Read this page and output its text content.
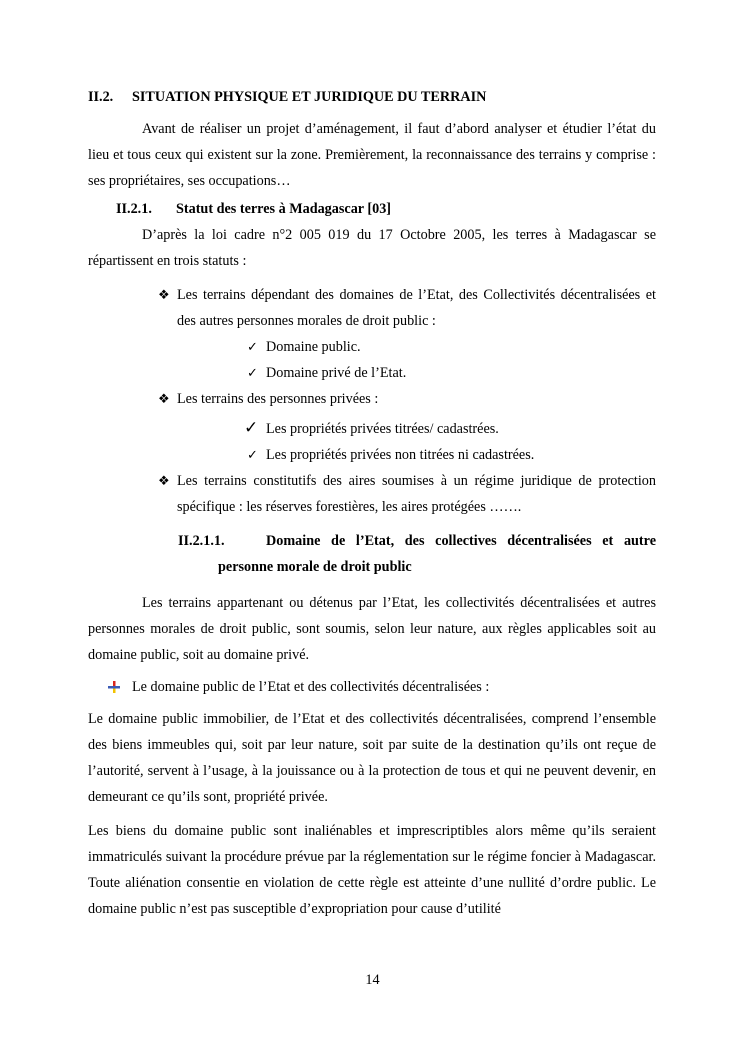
II.2. SITUATION PHYSIQUE ET JURIDIQUE DU TERRAIN

Avant de réaliser un projet d’aménagement, il faut d’abord analyser et étudier l’état du lieu et tous ceux qui existent sur la zone. Premièrement, la reconnaissance des terrains y comprise : ses propriétaires, ses occupations…

II.2.1. Statut des terres à Madagascar [03]

D’après la loi cadre n°2 005 019 du 17 Octobre 2005, les terres à Madagascar se répartissent en trois statuts :

❖ Les terrains dépendant des domaines de l’Etat, des Collectivités décentralisées et des autres personnes morales de droit public :
✓ Domaine public.
✓ Domaine privé de l’Etat.
❖ Les terrains des personnes privées :
✓ Les propriétés privées titrées/ cadastrées.
✓ Les propriétés privées non titrées ni cadastrées.
❖ Les terrains constitutifs des aires soumises à un régime juridique de protection spécifique : les réserves forestières, les aires protégées …….
II.2.1.1.	Domaine de l’Etat, des collectives décentralisées et autre
personne morale de droit public

Les terrains appartenant ou détenus par l’Etat, les collectivités décentralisées et autres personnes morales de droit public, sont soumis, selon leur nature, aux règles applicables soit au domaine public, soit au domaine privé.

Le domaine public de l’Etat et des collectivités décentralisées :

Le domaine public immobilier, de l’Etat et des collectivités décentralisées, comprend l’ensemble des biens immeubles qui, soit par leur nature, soit par suite de la destination qu’ils ont reçue de l’autorité, servent à l’usage, à la jouissance ou à la protection de tous et qui ne peuvent devenir, en demeurant ce qu’ils sont, propriété privée.

Les biens du domaine public sont inaliénables et imprescriptibles alors même qu’ils seraient immatriculés suivant la procédure prévue par la réglementation sur le régime foncier à Madagascar. Toute aliénation consentie en violation de cette règle est atteinte d’une nullité d’ordre public. Le domaine public n’est pas susceptible d’expropriation pour cause d’utilité

14
